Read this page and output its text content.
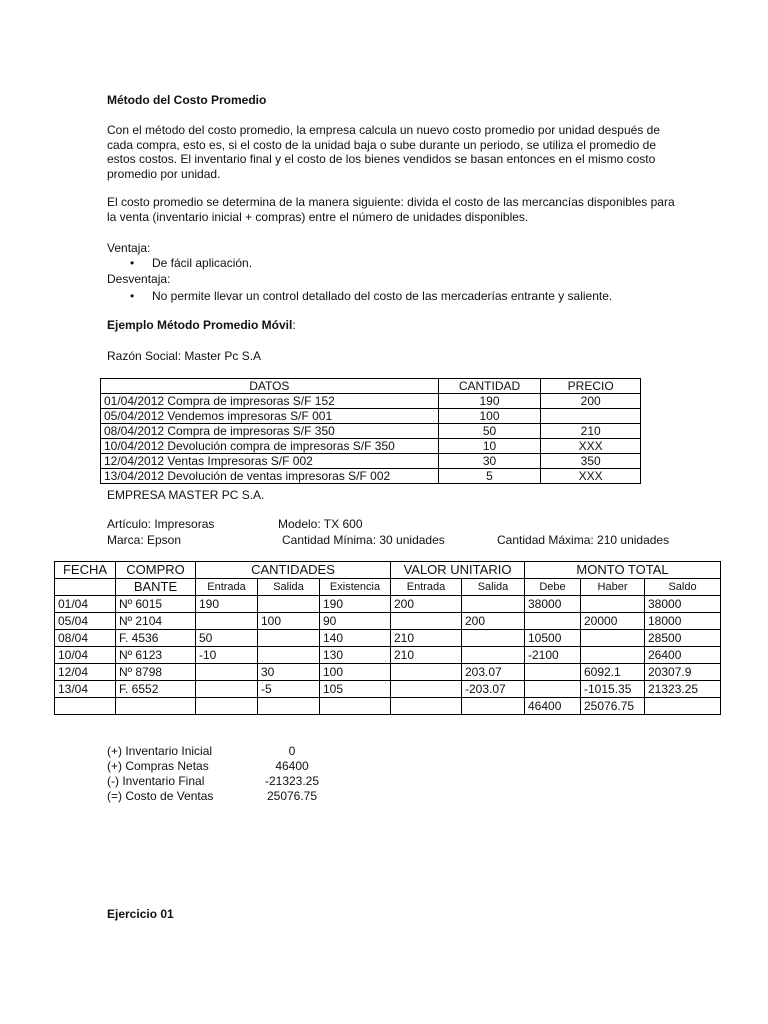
Método del Costo Promedio

Con el método del costo promedio, la empresa calcula un nuevo costo promedio por unidad después de cada compra, esto es, si el costo de la unidad baja o sube durante un periodo, se utiliza el promedio de estos costos. El inventario final y el costo de los bienes vendidos se basan entonces en el mismo costo promedio por unidad.

El costo promedio se determina de la manera siguiente: divida el costo de las mercancías disponibles para la venta (inventario inicial + compras) entre el número de unidades disponibles.

Ventaja:
• De fácil aplicación.
Desventaja:
• No permite llevar un control detallado del costo de las mercaderías entrante y saliente.
Ejemplo Método Promedio Móvil:
Razón Social: Master Pc S.A
DATOS	CANTIDAD	PRECIO
01/04/2012 Compra de impresoras S/F 152	190	200
05/04/2012 Vendemos impresoras S/F 001	100	
08/04/2012 Compra de impresoras S/F 350	50	210
10/04/2012 Devolución compra de impresoras S/F 350	10	XXX
12/04/2012 Ventas Impresoras S/F 002	30	350
13/04/2012 Devolución de ventas impresoras S/F 002	5	XXX
EMPRESA MASTER PC S.A.
Artículo: Impresoras	Modelo: TX 600
Marca: Epson	Cantidad Mínima: 30 unidades	Cantidad Máxima: 210 unidades
FECHA	COMPRO	CANTIDADES			VALOR UNITARIO		MONTO TOTAL		
	BANTE	Entrada	Salida	Existencia	Entrada	Salida	Debe	Haber	Saldo
01/04	Nº 6015	190		190	200		38000		38000
05/04	Nº 2104		100	90		200		20000	18000
08/04	F. 4536	50		140	210		10500		28500
10/04	Nº 6123	-10		130	210		-2100		26400
12/04	Nº 8798		30	100		203.07		6092.1	20307.9
13/04	F. 6552		-5	105		-203.07		-1015.35	21323.25
							46400	25076.75	
(+) Inventario Inicial	0
(+) Compras Netas	46400
(-) Inventario Final	-21323.25
(=) Costo de Ventas	25076.75
Ejercicio 01
